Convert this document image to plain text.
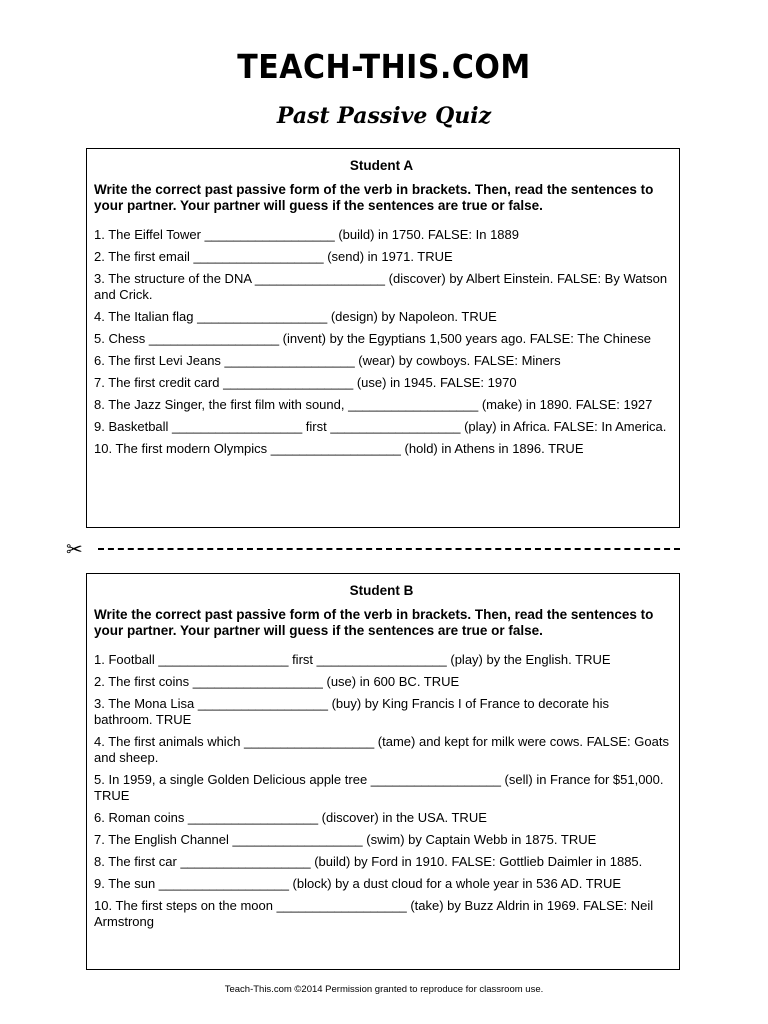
TEACH-THIS.COM
Past Passive Quiz
Student A
Write the correct past passive form of the verb in brackets. Then, read the sentences to your partner. Your partner will guess if the sentences are true or false.
1. The Eiffel Tower __________________ (build) in 1750. FALSE: In 1889
2. The first email __________________ (send) in 1971. TRUE
3. The structure of the DNA __________________ (discover) by Albert Einstein. FALSE: By Watson and Crick.
4. The Italian flag __________________ (design) by Napoleon. TRUE
5. Chess __________________ (invent) by the Egyptians 1,500 years ago. FALSE: The Chinese
6. The first Levi Jeans __________________ (wear) by cowboys. FALSE: Miners
7. The first credit card __________________ (use) in 1945. FALSE: 1970
8. The Jazz Singer, the first film with sound, __________________ (make) in 1890. FALSE: 1927
9. Basketball __________________ first __________________ (play) in Africa. FALSE: In America.
10. The first modern Olympics __________________ (hold) in Athens in 1896. TRUE
✂
Student B
Write the correct past passive form of the verb in brackets. Then, read the sentences to your partner. Your partner will guess if the sentences are true or false.
1. Football __________________ first __________________ (play) by the English. TRUE
2. The first coins __________________ (use) in 600 BC. TRUE
3. The Mona Lisa __________________ (buy) by King Francis I of France to decorate his bathroom. TRUE
4. The first animals which __________________ (tame) and kept for milk were cows. FALSE: Goats and sheep.
5. In 1959, a single Golden Delicious apple tree __________________ (sell) in France for $51,000. TRUE
6. Roman coins __________________ (discover) in the USA. TRUE
7. The English Channel __________________ (swim) by Captain Webb in 1875. TRUE
8. The first car __________________ (build) by Ford in 1910. FALSE: Gottlieb Daimler in 1885.
9. The sun __________________ (block) by a dust cloud for a whole year in 536 AD. TRUE
10. The first steps on the moon __________________ (take) by Buzz Aldrin in 1969. FALSE: Neil Armstrong
Teach-This.com ©2014 Permission granted to reproduce for classroom use.
